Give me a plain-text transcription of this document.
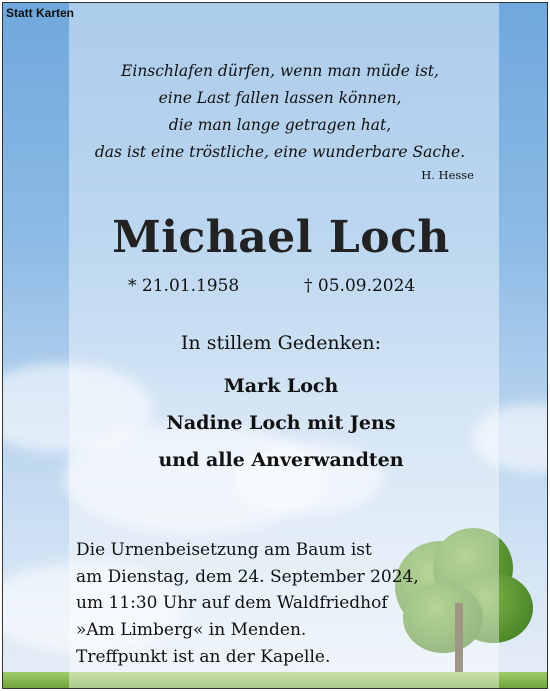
Statt Karten
Einschlafen dürfen, wenn man müde ist,
eine Last fallen lassen können,
die man lange getragen hat,
das ist eine tröstliche, eine wunderbare Sache.
H. Hesse
Michael Loch
* 21.01.1958	† 05.09.2024
In stillem Gedenken:
Mark Loch
Nadine Loch mit Jens
und alle Anverwandten
Die Urnenbeisetzung am Baum ist
am Dienstag, dem 24. September 2024,
um 11:30 Uhr auf dem Waldfriedhof
»Am Limberg« in Menden.
Treffpunkt ist an der Kapelle.
